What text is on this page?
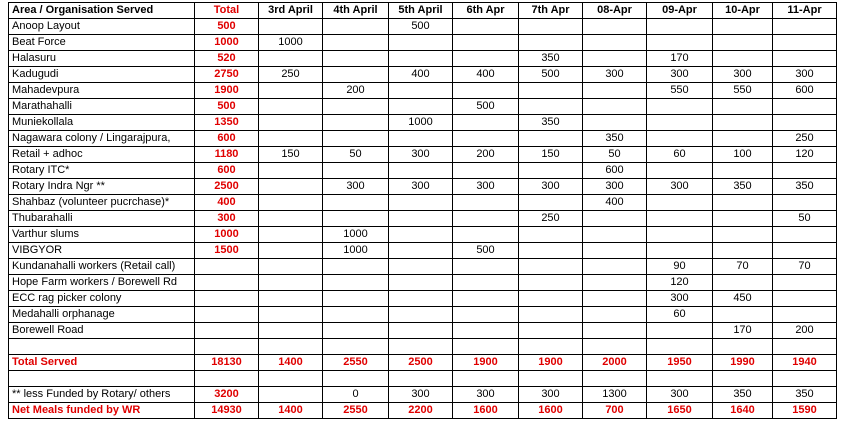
Area / Organisation Served	Total	3rd April	4th April	5th April	6th Apr	7th Apr	08-Apr	09-Apr	10-Apr	11-Apr
Anoop Layout	500			500						
Beat Force	1000	1000								
Halasuru	520					350		170		
Kadugudi	2750	250		400	400	500	300	300	300	300
Mahadevpura	1900		200					550	550	600
Marathahalli	500				500					
Muniekollala	1350			1000		350				
Nagawara colony / Lingarajpura,	600						350			250
Retail + adhoc	1180	150	50	300	200	150	50	60	100	120
Rotary ITC*	600						600			
Rotary Indra Ngr **	2500		300	300	300	300	300	300	350	350
Shahbaz (volunteer pucrchase)*	400						400			
Thubarahalli	300					250				50
Varthur slums	1000		1000							
VIBGYOR	1500		1000		500					
Kundanahalli workers (Retail call)								90	70	70
Hope Farm workers / Borewell Rd								120		
ECC rag picker colony								300	450	
Medahalli orphanage								60		
Borewell Road									170	200

Total Served	18130	1400	2550	2500	1900	1900	2000	1950	1990	1940

** less Funded by Rotary/ others	3200		0	300	300	300	1300	300	350	350
Net Meals funded by WR	14930	1400	2550	2200	1600	1600	700	1650	1640	1590
